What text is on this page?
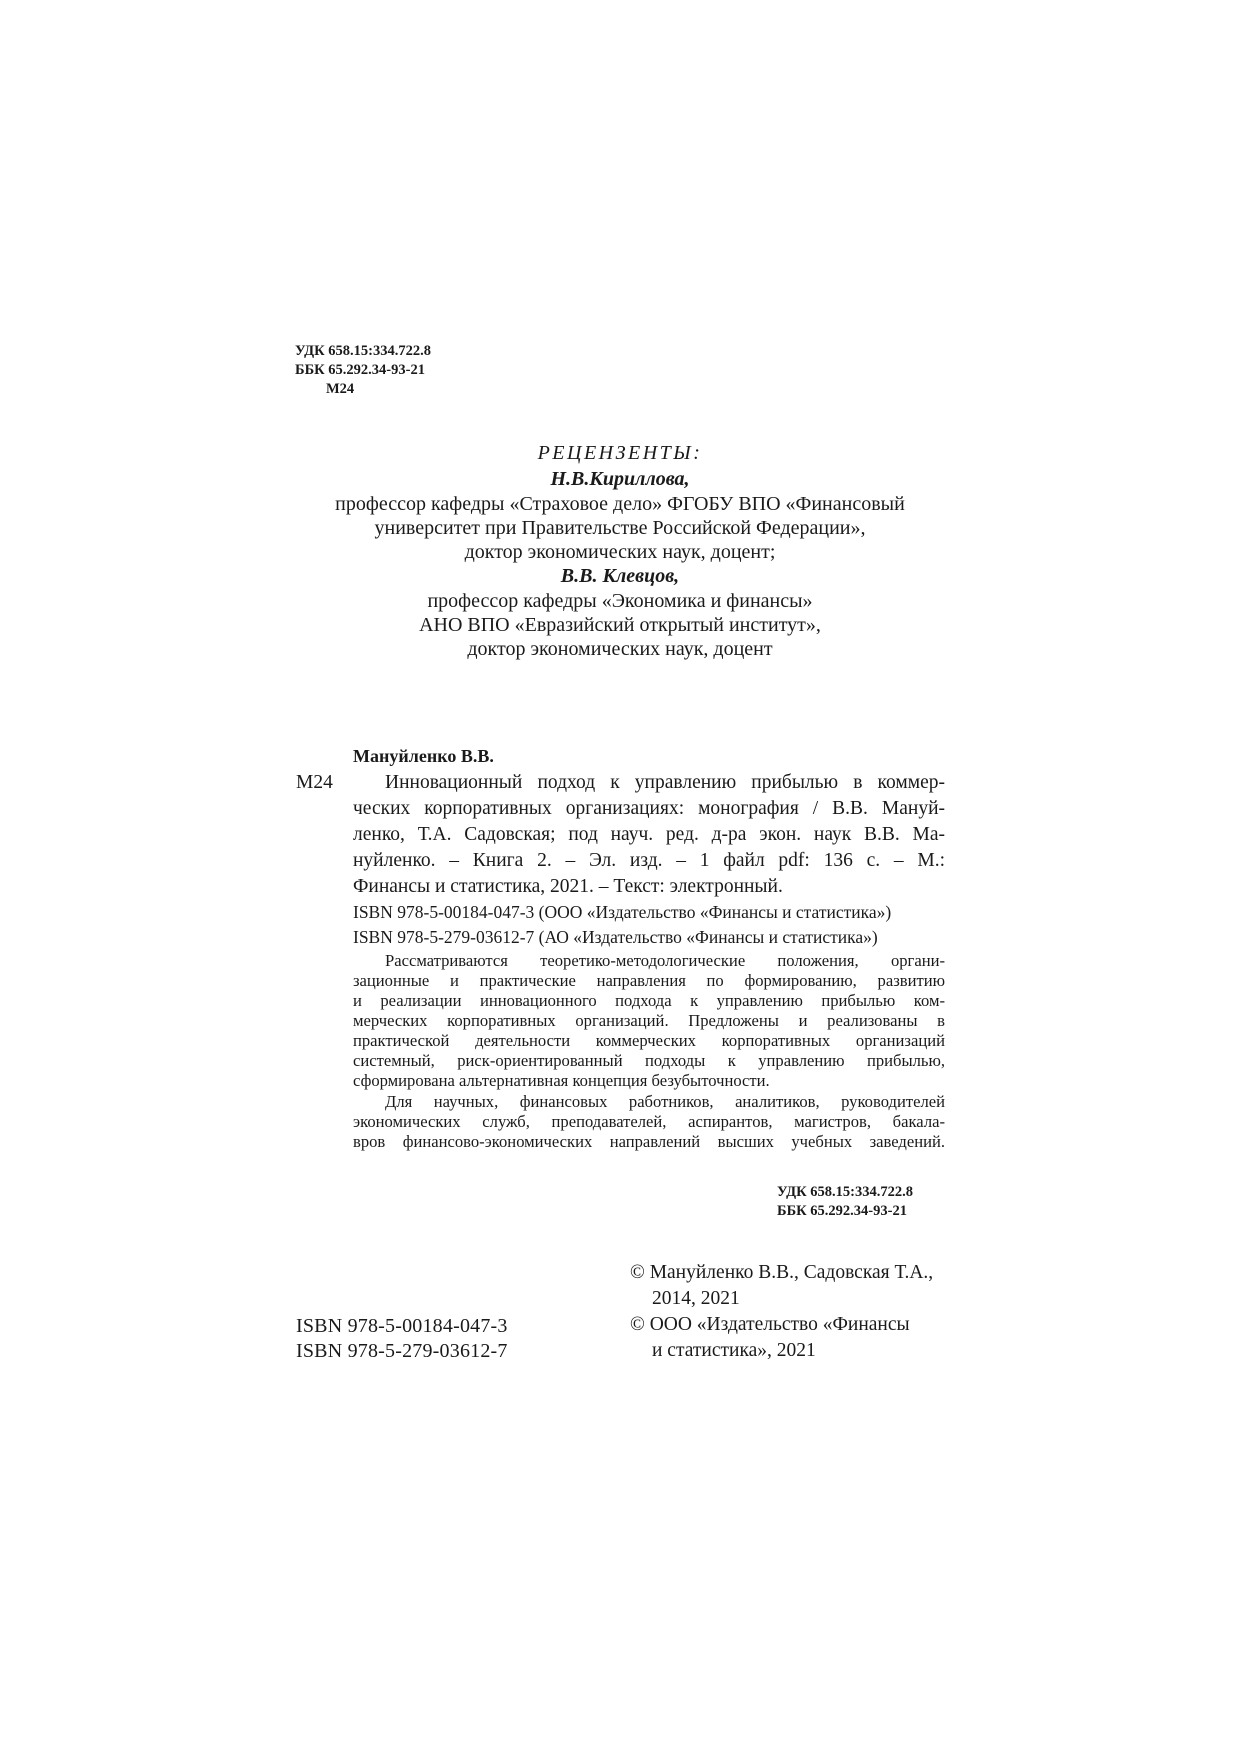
УДК 658.15:334.722.8
ББК 65.292.34-93-21
М24
РЕЦЕНЗЕНТЫ:
Н.В.Кириллова,
профессор кафедры «Страховое дело» ФГОБУ ВПО «Финансовый
университет при Правительстве Российской Федерации»,
доктор экономических наук, доцент;
В.В. Клевцов,
профессор кафедры «Экономика и финансы»
АНО ВПО «Евразийский открытый институт»,
доктор экономических наук, доцент
Мануйленко В.В.
М24	Инновационный подход к управлению прибылью в коммер-
ческих корпоративных организациях: монография / В.В. Мануй-
ленко, Т.А. Садовская; под науч. ред. д-ра экон. наук В.В. Ма-
нуйленко. – Книга 2. – Эл. изд. – 1 файл pdf: 136 с. – М.:
Финансы и статистика, 2021. – Текст: электронный.
ISBN 978-5-00184-047-3 (ООО «Издательство «Финансы и статистика»)
ISBN 978-5-279-03612-7 (АО «Издательство «Финансы и статистика»)
Рассматриваются теоретико-методологические положения, органи-
зационные и практические направления по формированию, развитию
и реализации инновационного подхода к управлению прибылью ком-
мерческих корпоративных организаций. Предложены и реализованы в
практической деятельности коммерческих корпоративных организаций
системный, риск-ориентированный подходы к управлению прибылью,
сформирована альтернативная концепция безубыточности.
Для научных, финансовых работников, аналитиков, руководителей
экономических служб, преподавателей, аспирантов, магистров, бакала-
вров финансово-экономических направлений высших учебных заведений.
УДК 658.15:334.722.8
ББК 65.292.34-93-21
© Мануйленко В.В., Садовская Т.А.,
2014, 2021
© ООО «Издательство «Финансы
и статистика», 2021
ISBN 978-5-00184-047-3
ISBN 978-5-279-03612-7
